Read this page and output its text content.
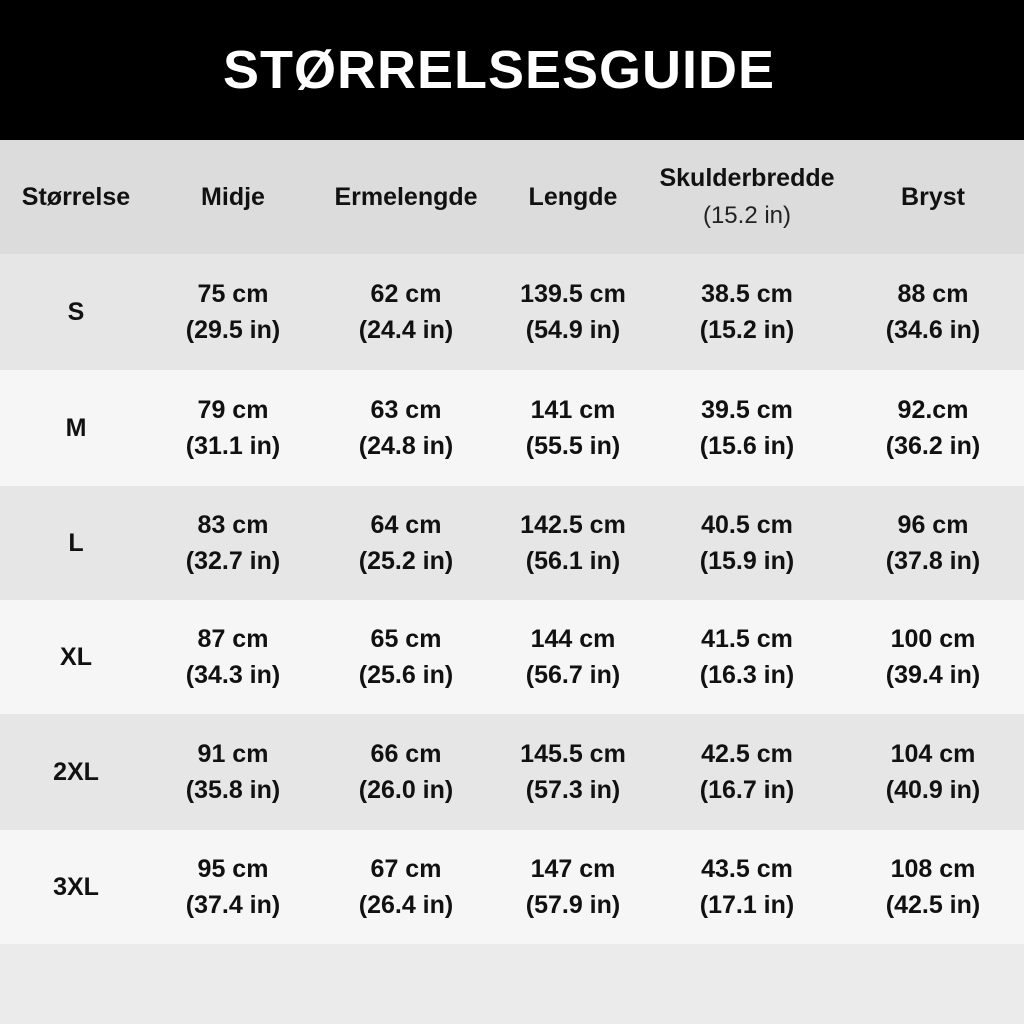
STØRRELSESGUIDE
Størrelse	Midje	Ermelengde Lengde
Skulderbredde
(15.2 in)
Bryst
S
75 cm
(29.5 in)
62 cm
(24.4 in)
139.5 cm
(54.9 in)
38.5 cm
(15.2 in)
88 cm
(34.6 in)
M
79 cm
(31.1 in)
63 cm
(24.8 in)
141 cm
(55.5 in)
39.5 cm
(15.6 in)
92.cm
(36.2 in)
L
83 cm
(32.7 in)
64 cm
(25.2 in)
142.5 cm
(56.1 in)
40.5 cm
(15.9 in)
96 cm
(37.8 in)
XL
87 cm
(34.3 in)
65 cm
(25.6 in)
144 cm
(56.7 in)
41.5 cm
(16.3 in)
100 cm
(39.4 in)
2XL
91 cm
(35.8 in)
66 cm
(26.0 in)
145.5 cm
(57.3 in)
42.5 cm
(16.7 in)
104 cm
(40.9 in)
3XL
95 cm
(37.4 in)
67 cm
(26.4 in)
147 cm
(57.9 in)
43.5 cm
(17.1 in)
108 cm
(42.5 in)
